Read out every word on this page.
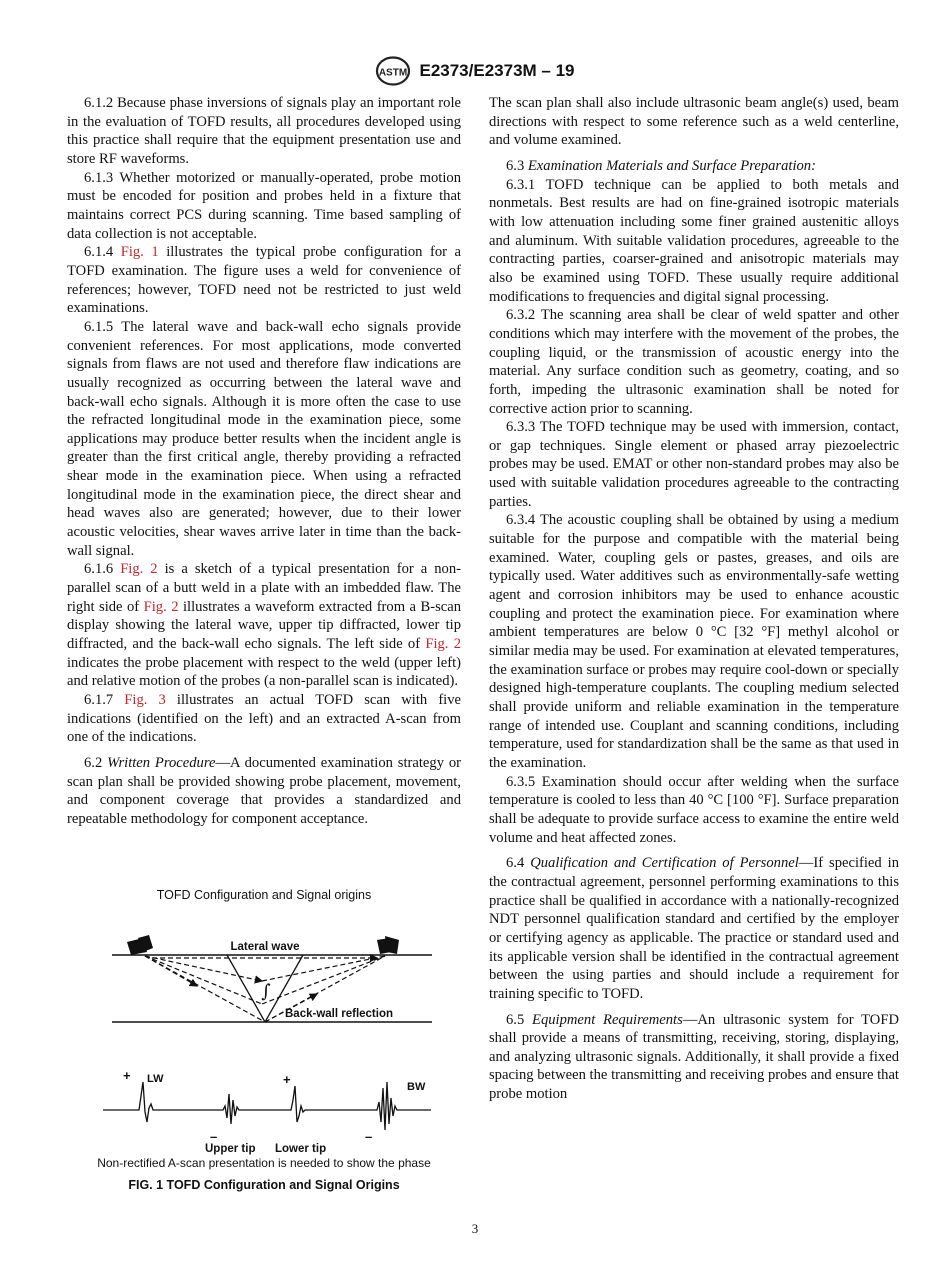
ASTM E2373/E2373M – 19

6.1.2 Because phase inversions of signals play an important role in the evaluation of TOFD results, all procedures developed using this practice shall require that the equipment presentation use and store RF waveforms.

6.1.3 Whether motorized or manually-operated, probe motion must be encoded for position and probes held in a fixture that maintains correct PCS during scanning. Time based sampling of data collection is not acceptable.

6.1.4 Fig. 1 illustrates the typical probe configuration for a TOFD examination. The figure uses a weld for convenience of references; however, TOFD need not be restricted to just weld examinations.

6.1.5 The lateral wave and back-wall echo signals provide convenient references. For most applications, mode converted signals from flaws are not used and therefore flaw indications are usually recognized as occurring between the lateral wave and back-wall echo signals. Although it is more often the case to use the refracted longitudinal mode in the examination piece, some applications may produce better results when the incident angle is greater than the first critical angle, thereby providing a refracted shear mode in the examination piece. When using a refracted longitudinal mode in the examination piece, the direct shear and head waves also are generated; however, due to their lower acoustic velocities, shear waves arrive later in time than the back-wall signal.

6.1.6 Fig. 2 is a sketch of a typical presentation for a non-parallel scan of a butt weld in a plate with an imbedded flaw. The right side of Fig. 2 illustrates a waveform extracted from a B-scan display showing the lateral wave, upper tip diffracted, lower tip diffracted, and the back-wall echo signals. The left side of Fig. 2 indicates the probe placement with respect to the weld (upper left) and relative motion of the probes (a non-parallel scan is indicated).

6.1.7 Fig. 3 illustrates an actual TOFD scan with five indications (identified on the left) and an extracted A-scan from one of the indications.

6.2 Written Procedure—A documented examination strategy or scan plan shall be provided showing probe placement, movement, and component coverage that provides a standardized and repeatable methodology for component acceptance.

TOFD Configuration and Signal origins
Lateral wave
∫
Back-wall reflection
LW
+
–
+	BW
–
Upper tip Lower tip
Non-rectified A-scan presentation is needed to show the phase
FIG. 1 TOFD Configuration and Signal Origins

The scan plan shall also include ultrasonic beam angle(s) used, beam directions with respect to some reference such as a weld centerline, and volume examined.

6.3 Examination Materials and Surface Preparation:

6.3.1 TOFD technique can be applied to both metals and nonmetals. Best results are had on fine-grained isotropic materials with low attenuation including some finer grained austenitic alloys and aluminum. With suitable validation procedures, agreeable to the contracting parties, coarser-grained and anisotropic materials may also be examined using TOFD. These usually require additional modifications to frequencies and digital signal processing.

6.3.2 The scanning area shall be clear of weld spatter and other conditions which may interfere with the movement of the probes, the coupling liquid, or the transmission of acoustic energy into the material. Any surface condition such as geometry, coating, and so forth, impeding the ultrasonic examination shall be noted for corrective action prior to scanning.

6.3.3 The TOFD technique may be used with immersion, contact, or gap techniques. Single element or phased array piezoelectric probes may be used. EMAT or other non-standard probes may also be used with suitable validation procedures agreeable to the contracting parties.

6.3.4 The acoustic coupling shall be obtained by using a medium suitable for the purpose and compatible with the material being examined. Water, coupling gels or pastes, greases, and oils are typically used. Water additives such as environmentally-safe wetting agent and corrosion inhibitors may be used to enhance acoustic coupling and protect the examination piece. For examination where ambient temperatures are below 0 °C [32 °F] methyl alcohol or similar media may be used. For examination at elevated temperatures, the examination surface or probes may require cool-down or specially designed high-temperature couplants. The coupling medium selected shall provide uniform and reliable examination in the temperature range of intended use. Couplant and scanning conditions, including temperature, used for standardization shall be the same as that used in the examination.

6.3.5 Examination should occur after welding when the surface temperature is cooled to less than 40 °C [100 °F]. Surface preparation shall be adequate to provide surface access to examine the entire weld volume and heat affected zones.

6.4 Qualification and Certification of Personnel—If specified in the contractual agreement, personnel performing examinations to this practice shall be qualified in accordance with a nationally-recognized NDT personnel qualification standard and certified by the employer or certifying agency as applicable. The practice or standard used and its applicable version shall be identified in the contractual agreement between the using parties and should include a requirement for training specific to TOFD.

6.5 Equipment Requirements—An ultrasonic system for TOFD shall provide a means of transmitting, receiving, storing, displaying, and analyzing ultrasonic signals. Additionally, it shall provide a fixed spacing between the transmitting and receiving probes and ensure that probe motion

3
